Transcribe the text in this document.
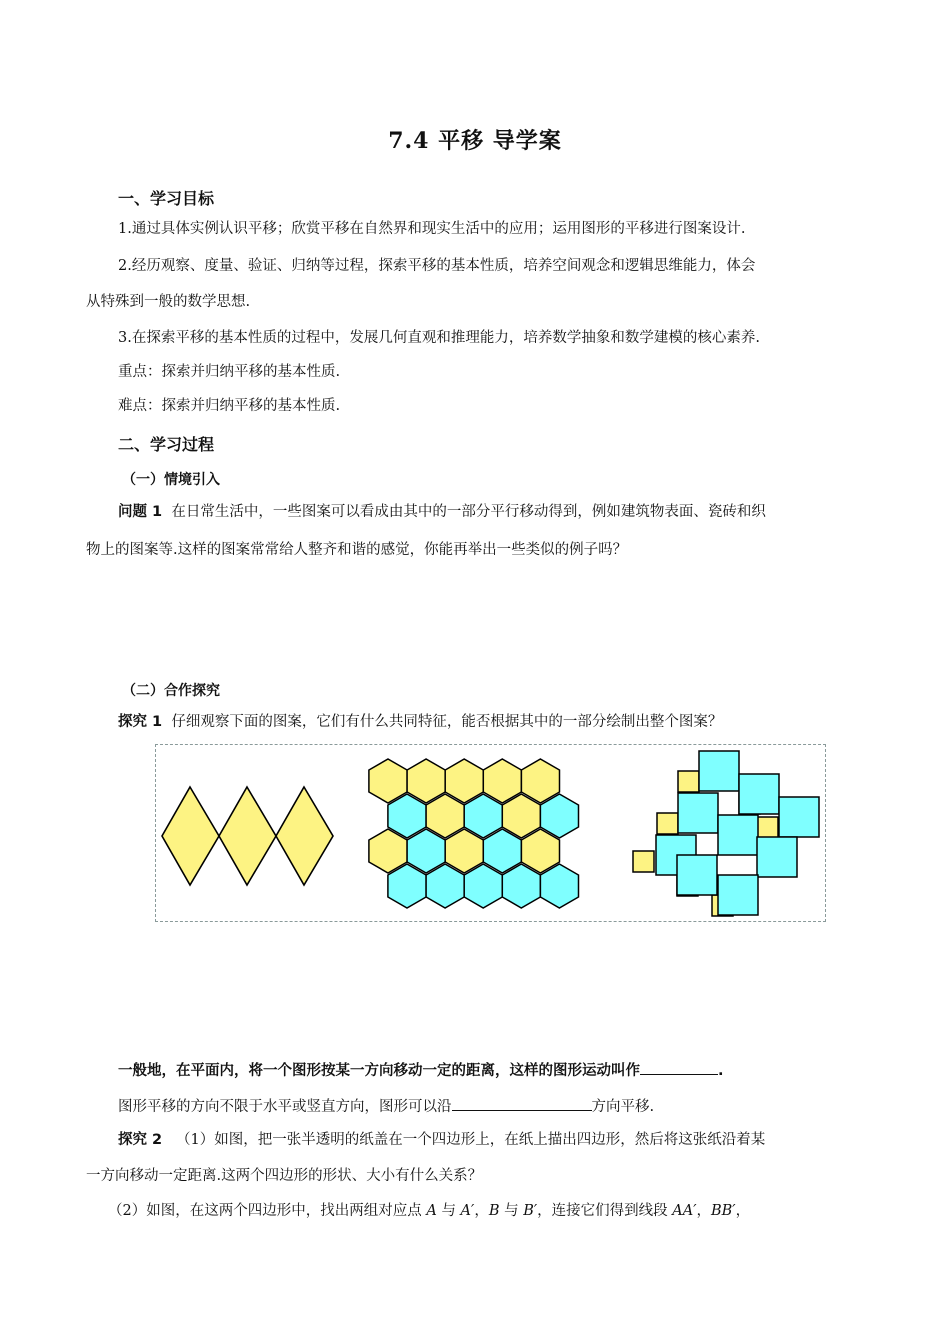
7.4 平移 导学案
一、学习目标
1.通过具体实例认识平移；欣赏平移在自然界和现实生活中的应用；运用图形的平移进行图案设计.
2.经历观察、度量、验证、归纳等过程，探索平移的基本性质，培养空间观念和逻辑思维能力，体会
从特殊到一般的数学思想.
3.在探索平移的基本性质的过程中，发展几何直观和推理能力，培养数学抽象和数学建模的核心素养.
重点：探索并归纳平移的基本性质.
难点：探索并归纳平移的基本性质.
二、学习过程
（一）情境引入
问题 1 在日常生活中，一些图案可以看成由其中的一部分平行移动得到，例如建筑物表面、瓷砖和织
物上的图案等.这样的图案常常给人整齐和谐的感觉，你能再举出一些类似的例子吗？
（二）合作探究
探究 1 仔细观察下面的图案，它们有什么共同特征，能否根据其中的一部分绘制出整个图案？
一般地，在平面内，将一个图形按某一方向移动一定的距离，这样的图形运动叫作	.
图形平移的方向不限于水平或竖直方向，图形可以沿	方向平移.
探究 2 （1）如图，把一张半透明的纸盖在一个四边形上，在纸上描出四边形，然后将这张纸沿着某
一方向移动一定距离.这两个四边形的形状、大小有什么关系？
（2）如图，在这两个四边形中，找出两组对应点 A 与 A′，B 与 B′，连接它们得到线段 AA′，BB′，
